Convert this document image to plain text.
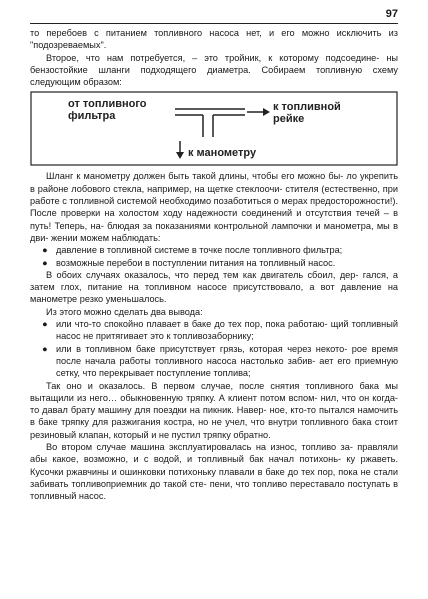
97

то перебоев с питанием топливного насоса нет, и его можно исключить из "подозреваемых".

Второе, что нам потребуется, – это тройник, к которому подсоедине- ны бензостойкие шланги подходящего диаметра. Собираем топливную схему следующим образом:

от топливного
фильтра
к топливной
рейке
к манометру

Шланг к манометру должен быть такой длины, чтобы его можно бы- ло укрепить в районе лобового стекла, например, на щетке стеклоочи- стителя (естественно, при работе с топливной системой необходимо позаботиться о мерах предосторожности!). После проверки на холостом ходу надежности соединений и отсутствия течей – в путь! Теперь, на- блюдая за показаниями контрольной лампочки и манометра, мы в дви- жении можем наблюдать:

● давление в топливной системе в точке после топливного фильтра;
● возможные перебои в поступлении питания на топливный насос.

В обоих случаях оказалось, что перед тем как двигатель сбоил, дер- гался, а затем глох, питание на топливном насосе присутствовало, а вот давление на манометре резко уменьшалось.

Из этого можно сделать два вывода:

● или что-то спокойно плавает в баке до тех пор, пока работаю- щий топливный насос не притягивает это к топливозаборнику;
● или в топливном баке присутствует грязь, которая через некото- рое время после начала работы топливного насоса настолько забив- ает его приемную сетку, что перекрывает поступление топлива;

Так оно и оказалось. В первом случае, после снятия топливного бака мы вытащили из него… обыкновенную тряпку. А клиент потом вспом- нил, что он когда-то давал брату машину для поездки на пикник. Навер- ное, кто-то пытался намочить в баке тряпку для разжигания костра, но не учел, что внутри топливного бака стоит резиновый клапан, который и не пустил тряпку обратно.

Во втором случае машина эксплуатировалась на износ, топливо за- правляли абы какое, возможно, и с водой, и топливный бак начал потихонь- ку ржаветь. Кусочки ржавчины и ошинковки потихоньку плавали в баке до тех пор, пока не стали забивать топливоприемник до такой сте- пени, что топливо переставало поступать в топливный насос.
